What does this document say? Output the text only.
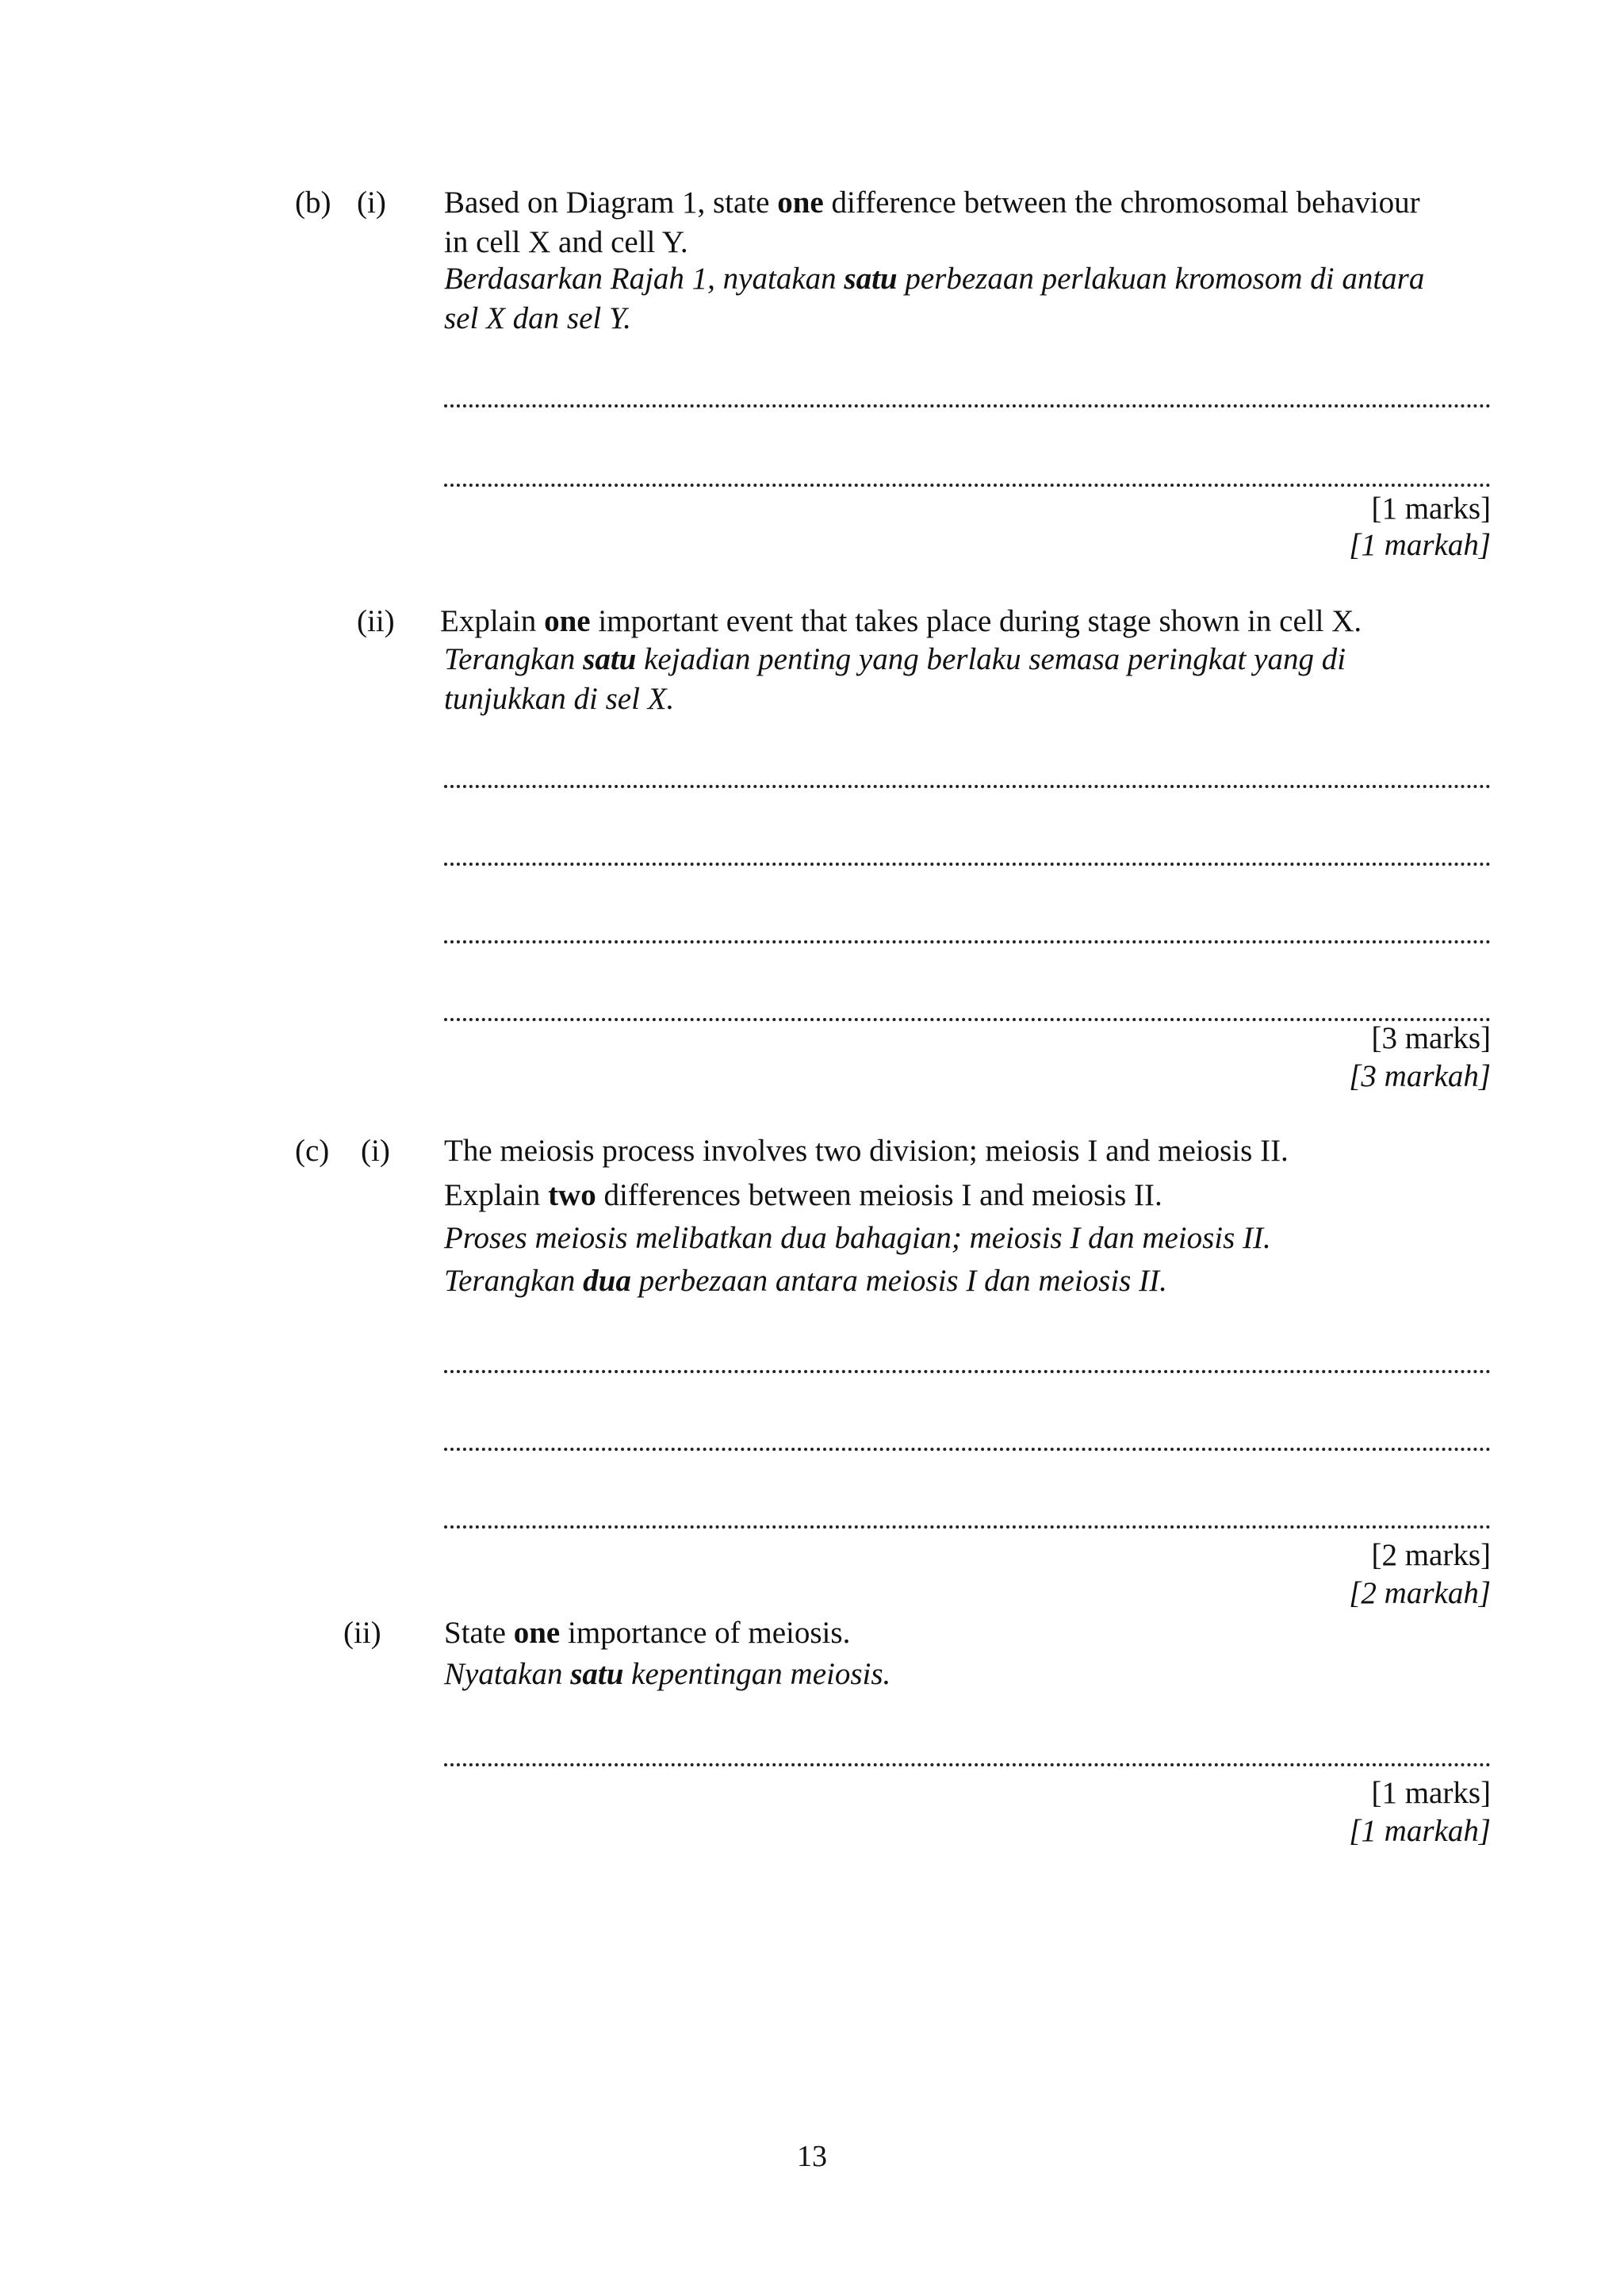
(b) (i) Based on Diagram 1, state one difference between the chromosomal behaviour
in cell X and cell Y.
Berdasarkan Rajah 1, nyatakan satu perbezaan perlakuan kromosom di antara
sel X dan sel Y.
[1 marks]
[1 markah]
(ii) Explain one important event that takes place during stage shown in cell X.
Terangkan satu kejadian penting yang berlaku semasa peringkat yang di
tunjukkan di sel X.
[3 marks]
[3 markah]
(c) (i) The meiosis process involves two division; meiosis I and meiosis II.
Explain two differences between meiosis I and meiosis II.
Proses meiosis melibatkan dua bahagian; meiosis I dan meiosis II.
Terangkan dua perbezaan antara meiosis I dan meiosis II.
[2 marks]
[2 markah]
(ii) State one importance of meiosis.
Nyatakan satu kepentingan meiosis.
[1 marks]
[1 markah]
13
